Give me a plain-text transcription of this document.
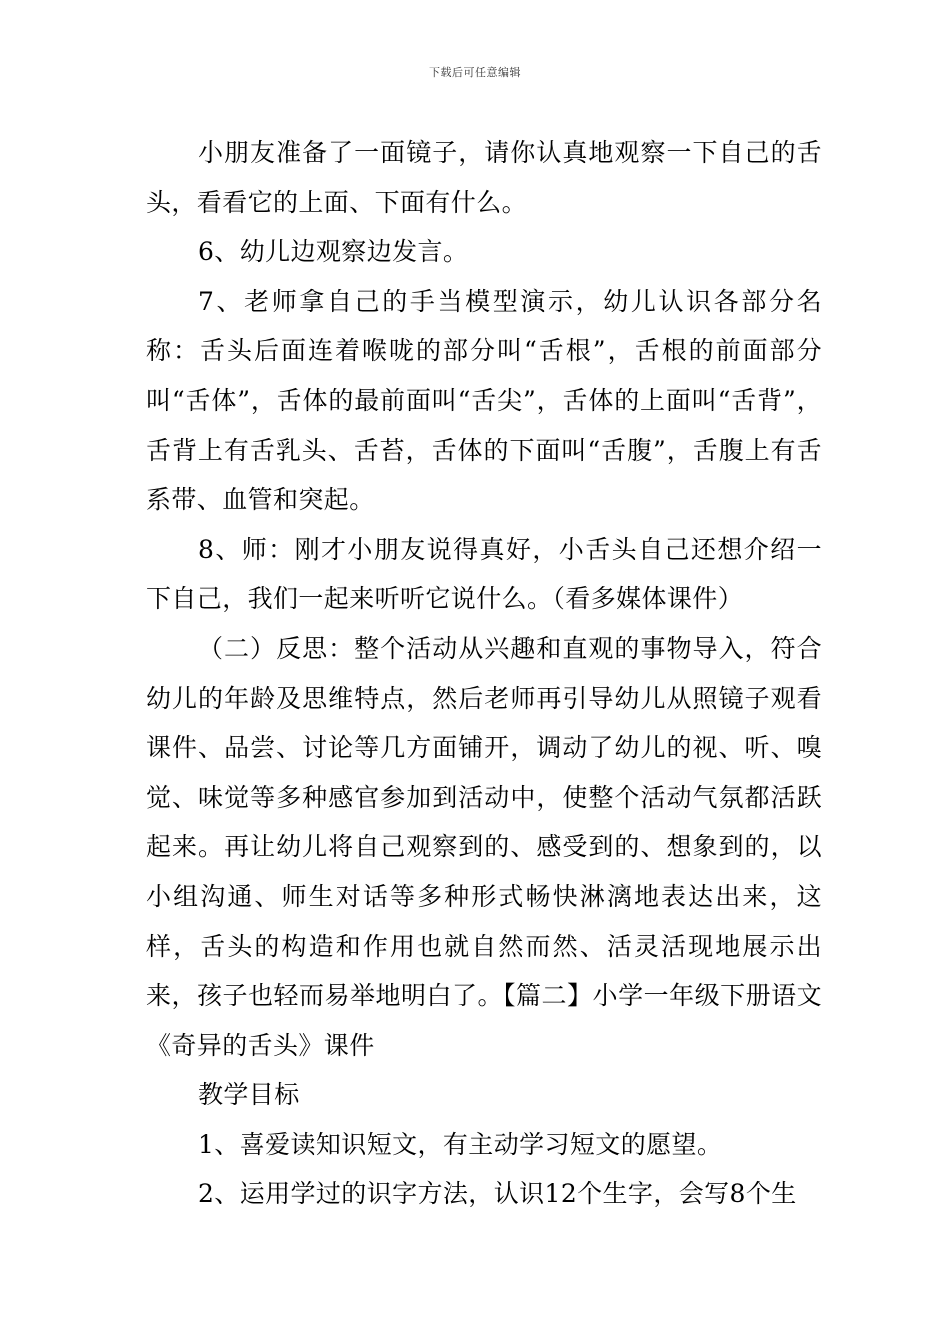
下载后可任意编辑

小朋友准备了一面镜子，请你认真地观察一下自己的舌头，看看它的上面、下面有什么。

6、幼儿边观察边发言。

7、老师拿自己的手当模型演示，幼儿认识各部分名称：舌头后面连着喉咙的部分叫“舌根”，舌根的前面部分叫“舌体”，舌体的最前面叫“舌尖”，舌体的上面叫“舌背”，舌背上有舌乳头、舌苔，舌体的下面叫“舌腹”，舌腹上有舌系带、血管和突起。

8、师：刚才小朋友说得真好，小舌头自己还想介绍一下自己，我们一起来听听它说什么。（看多媒体课件）

（二）反思：整个活动从兴趣和直观的事物导入，符合幼儿的年龄及思维特点，然后老师再引导幼儿从照镜子观看课件、品尝、讨论等几方面铺开，调动了幼儿的视、听、嗅觉、味觉等多种感官参加到活动中，使整个活动气氛都活跃起来。再让幼儿将自己观察到的、感受到的、想象到的，以小组沟通、师生对话等多种形式畅快淋漓地表达出来，这样，舌头的构造和作用也就自然而然、活灵活现地展示出来，孩子也轻而易举地明白了。【篇二】小学一年级下册语文《奇异的舌头》课件

教学目标

1、喜爱读知识短文，有主动学习短文的愿望。

2、运用学过的识字方法，认识12个生字，会写8个生
